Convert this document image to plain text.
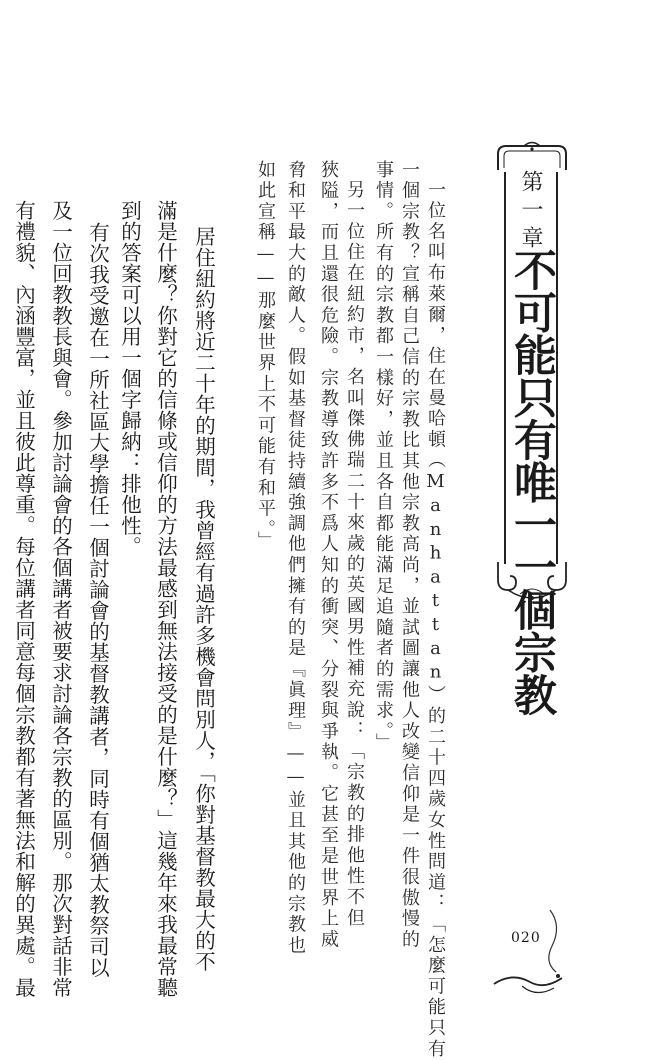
第一章
不可能只有唯一一個宗教
一位名叫布萊爾，住在曼哈頓（Manhattan）的二十四歲女性問道：「怎麼可能只有
一個宗教？宣稱自己信的宗教比其他宗教高尚，並試圖讓他人改變信仰是一件很傲慢的
事情。所有的宗教都一樣好，並且各自都能滿足追隨者的需求。」
另一位住在紐約市，名叫傑佛瑞二十來歲的英國男性補充說：「宗教的排他性不但
狹隘，而且還很危險。宗教導致許多不爲人知的衝突、分裂與爭執。它甚至是世界上威
脅和平最大的敵人。假如基督徒持續強調他們擁有的是『眞理』——並且其他的宗教也
如此宣稱——那麼世界上不可能有和平。」
居住紐約將近二十年的期間，我曾經有過許多機會問別人，「你對基督教最大的不
滿是什麼？你對它的信條或信仰的方法最感到無法接受的是什麼？」這幾年來我最常聽
到的答案可以用一個字歸納：排他性。
有次我受邀在一所社區大學擔任一個討論會的基督教講者，同時有個猶太教祭司以
及一位回教教長與會。參加討論會的各個講者被要求討論各宗教的區別。那次對話非常
有禮貌、內涵豐富，並且彼此尊重。每位講者同意每個宗教都有著無法和解的異處。最	020
